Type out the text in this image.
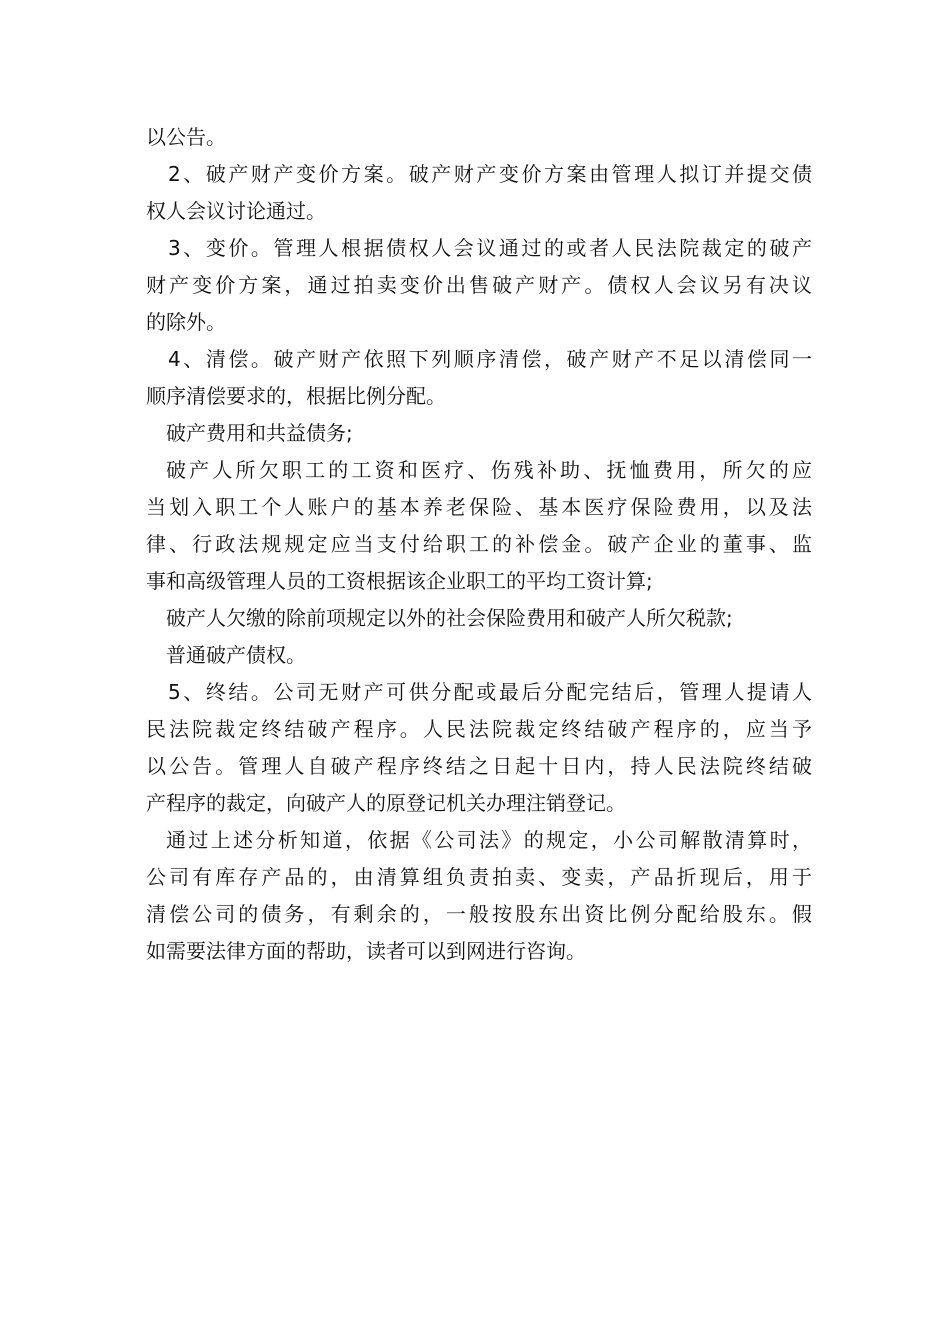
以公告。
2、破产财产变价方案。破产财产变价方案由管理人拟订并提交债
权人会议讨论通过。
3、变价。管理人根据债权人会议通过的或者人民法院裁定的破产
财产变价方案，通过拍卖变价出售破产财产。债权人会议另有决议
的除外。
4、清偿。破产财产依照下列顺序清偿，破产财产不足以清偿同一
顺序清偿要求的，根据比例分配。
破产费用和共益债务;
破产人所欠职工的工资和医疗、伤残补助、抚恤费用，所欠的应
当划入职工个人账户的基本养老保险、基本医疗保险费用，以及法
律、行政法规规定应当支付给职工的补偿金。破产企业的董事、监
事和高级管理人员的工资根据该企业职工的平均工资计算;
破产人欠缴的除前项规定以外的社会保险费用和破产人所欠税款;
普通破产债权。
5、终结。公司无财产可供分配或最后分配完结后，管理人提请人
民法院裁定终结破产程序。人民法院裁定终结破产程序的，应当予
以公告。管理人自破产程序终结之日起十日内，持人民法院终结破
产程序的裁定，向破产人的原登记机关办理注销登记。
通过上述分析知道，依据《公司法》的规定，小公司解散清算时，
公司有库存产品的，由清算组负责拍卖、变卖，产品折现后，用于
清偿公司的债务，有剩余的，一般按股东出资比例分配给股东。假
如需要法律方面的帮助，读者可以到网进行咨询。
